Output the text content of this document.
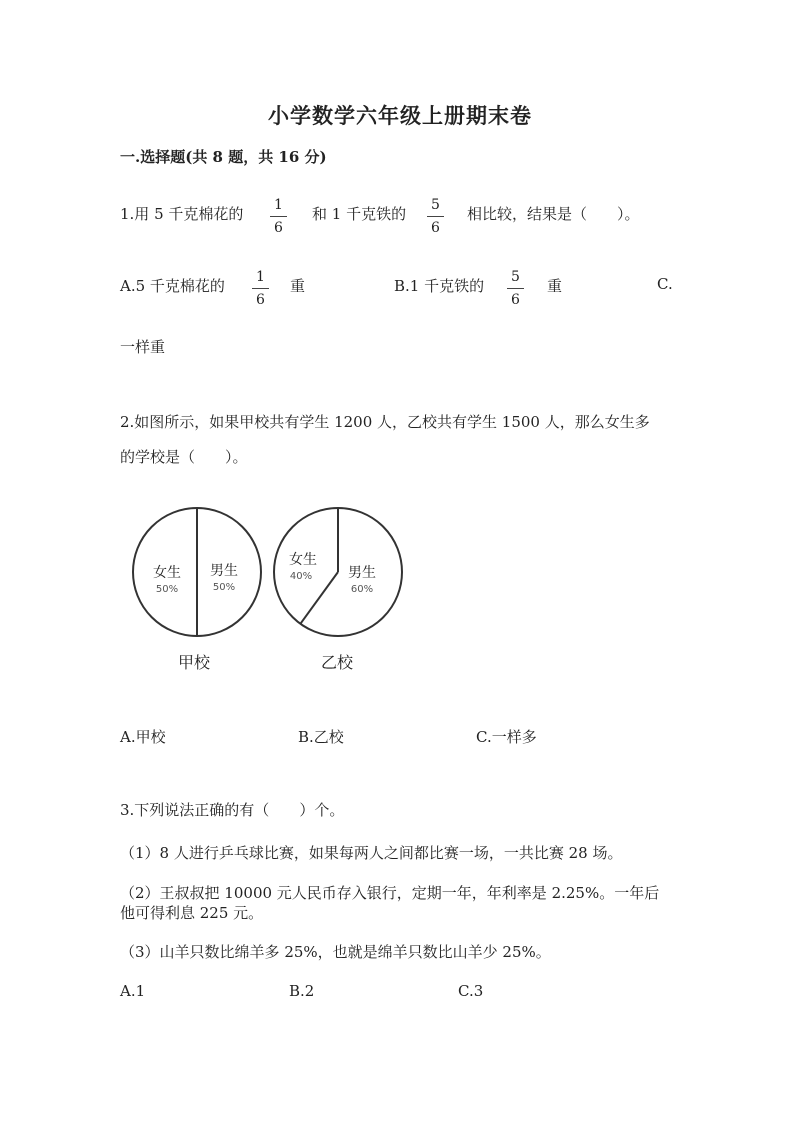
小学数学六年级上册期末卷
一.选择题(共 8 题，共 16 分)
1.用 5 千克棉花的 $\frac{1}{6}$ 和 1 千克铁的 $\frac{5}{6}$ 相比较，结果是（　　）。
A.5 千克棉花的 $\frac{1}{6}$ 重	B.1 千克铁的 $\frac{5}{6}$ 重	C.
一样重
2.如图所示，如果甲校共有学生 1200 人，乙校共有学生 1500 人，那么女生多
的学校是（　　）。
女生
50%
男生
50%
甲校
女生
40%	男生
60%
乙校
A.甲校	B.乙校	C.一样多
3.下列说法正确的有（　　）个。
（1）8 人进行乒乓球比赛，如果每两人之间都比赛一场，一共比赛 28 场。
（2）王叔叔把 10000 元人民币存入银行，定期一年，年利率是 2.25%。一年后
他可得利息 225 元。
（3）山羊只数比绵羊多 25%，也就是绵羊只数比山羊少 25%。
A.1	B.2	C.3
